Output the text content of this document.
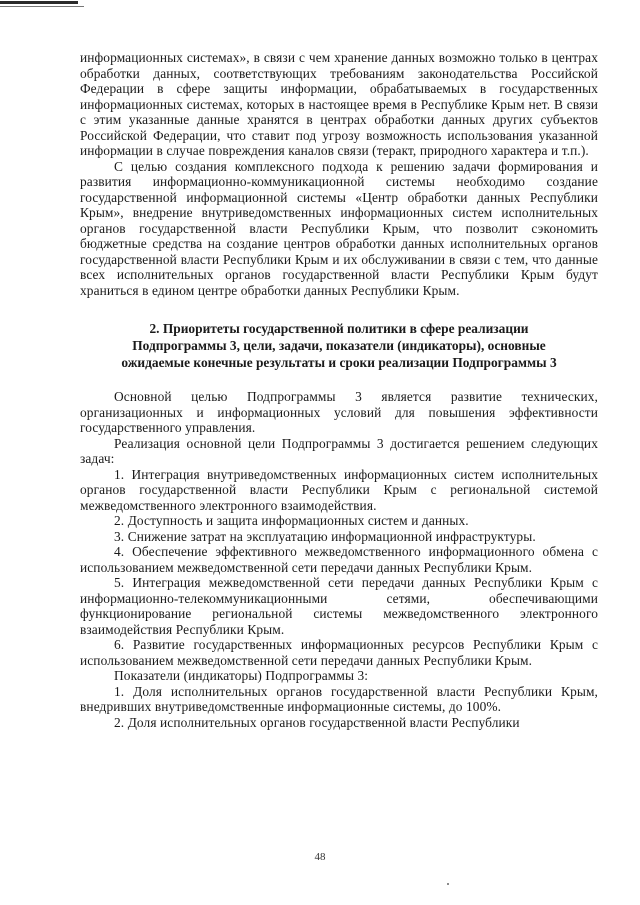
информационных системах», в связи с чем хранение данных возможно только в центрах обработки данных, соответствующих требованиям законодательства Российской Федерации в сфере защиты информации, обрабатываемых в государственных информационных системах, которых в настоящее время в Республике Крым нет. В связи с этим указанные данные хранятся в центрах обработки данных других субъектов Российской Федерации, что ставит под угрозу возможность использования указанной информации в случае повреждения каналов связи (теракт, природного характера и т.п.).

С целью создания комплексного подхода к решению задачи формирования и развития информационно-коммуникационной системы необходимо создание государственной информационной системы «Центр обработки данных Республики Крым», внедрение внутриведомственных информационных систем исполнительных органов государственной власти Республики Крым, что позволит сэкономить бюджетные средства на создание центров обработки данных исполнительных органов государственной власти Республики Крым и их обслуживании в связи с тем, что данные всех исполнительных органов государственной власти Республики Крым будут храниться в едином центре обработки данных Республики Крым.

2. Приоритеты государственной политики в сфере реализации
Подпрограммы 3, цели, задачи, показатели (индикаторы), основные
ожидаемые конечные результаты и сроки реализации Подпрограммы 3

Основной целью Подпрограммы 3 является развитие технических, организационных и информационных условий для повышения эффективности государственного управления.

Реализация основной цели Подпрограммы 3 достигается решением следующих задач:

1. Интеграция внутриведомственных информационных систем исполнительных органов государственной власти Республики Крым с региональной системой межведомственного электронного взаимодействия.

2. Доступность и защита информационных систем и данных.

3. Снижение затрат на эксплуатацию информационной инфраструктуры.

4. Обеспечение эффективного межведомственного информационного обмена с использованием межведомственной сети передачи данных Республики Крым.

5. Интеграция межведомственной сети передачи данных Республики Крым с информационно-телекоммуникационными сетями, обеспечивающими функционирование региональной системы межведомственного электронного взаимодействия Республики Крым.

6. Развитие государственных информационных ресурсов Республики Крым с использованием межведомственной сети передачи данных Республики Крым.

Показатели (индикаторы) Подпрограммы 3:

1. Доля исполнительных органов государственной власти Республики Крым, внедривших внутриведомственные информационные системы, до 100%.

2. Доля исполнительных органов государственной власти Республики

48
